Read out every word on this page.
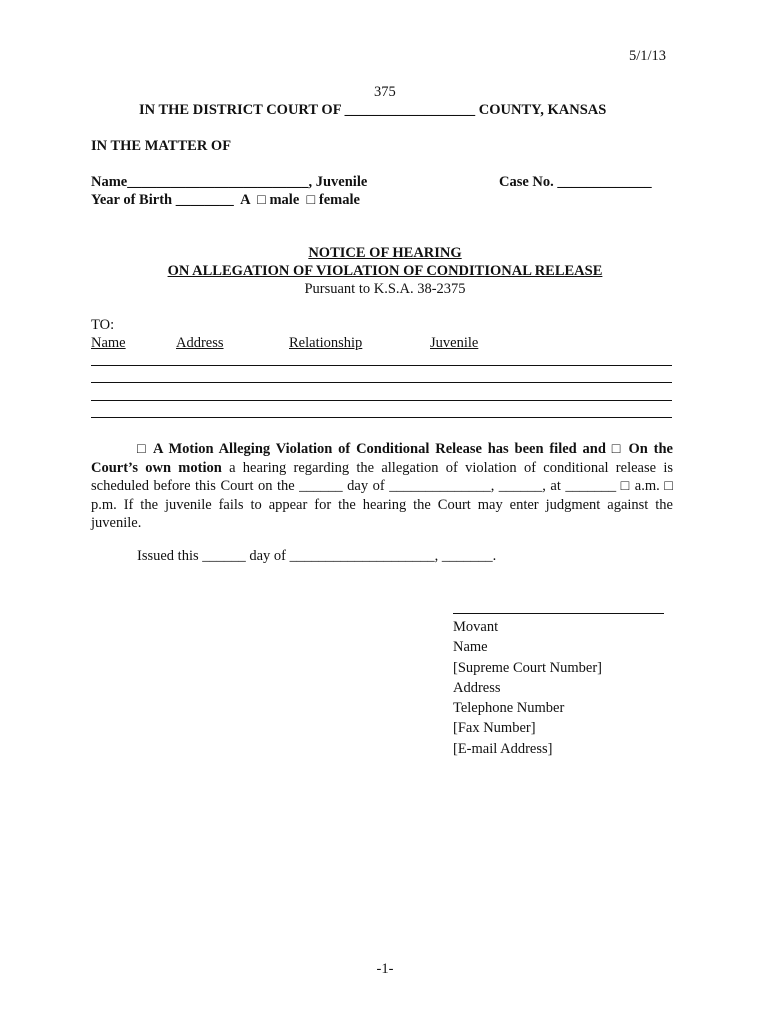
5/1/13
375
IN THE DISTRICT COURT OF __________________ COUNTY, KANSAS
IN THE MATTER OF
Name_________________________, Juvenile	Case No. _____________
Year of Birth ________  A  □ male  □ female
NOTICE OF HEARING
ON ALLEGATION OF VIOLATION OF CONDITIONAL RELEASE
Pursuant to K.S.A. 38-2375
TO:
Name	Address	Relationship	Juvenile
□ A Motion Alleging Violation of Conditional Release has been filed and □ On the Court’s own motion a hearing regarding the allegation of violation of conditional release is scheduled before this Court on the ______ day of ______________, ______, at _______ □ a.m. □ p.m. If the juvenile fails to appear for the hearing the Court may enter judgment against the juvenile.
Issued this ______ day of ____________________, _______.
Movant
Name
[Supreme Court Number]
Address
Telephone Number
[Fax Number]
[E-mail Address]
-1-
